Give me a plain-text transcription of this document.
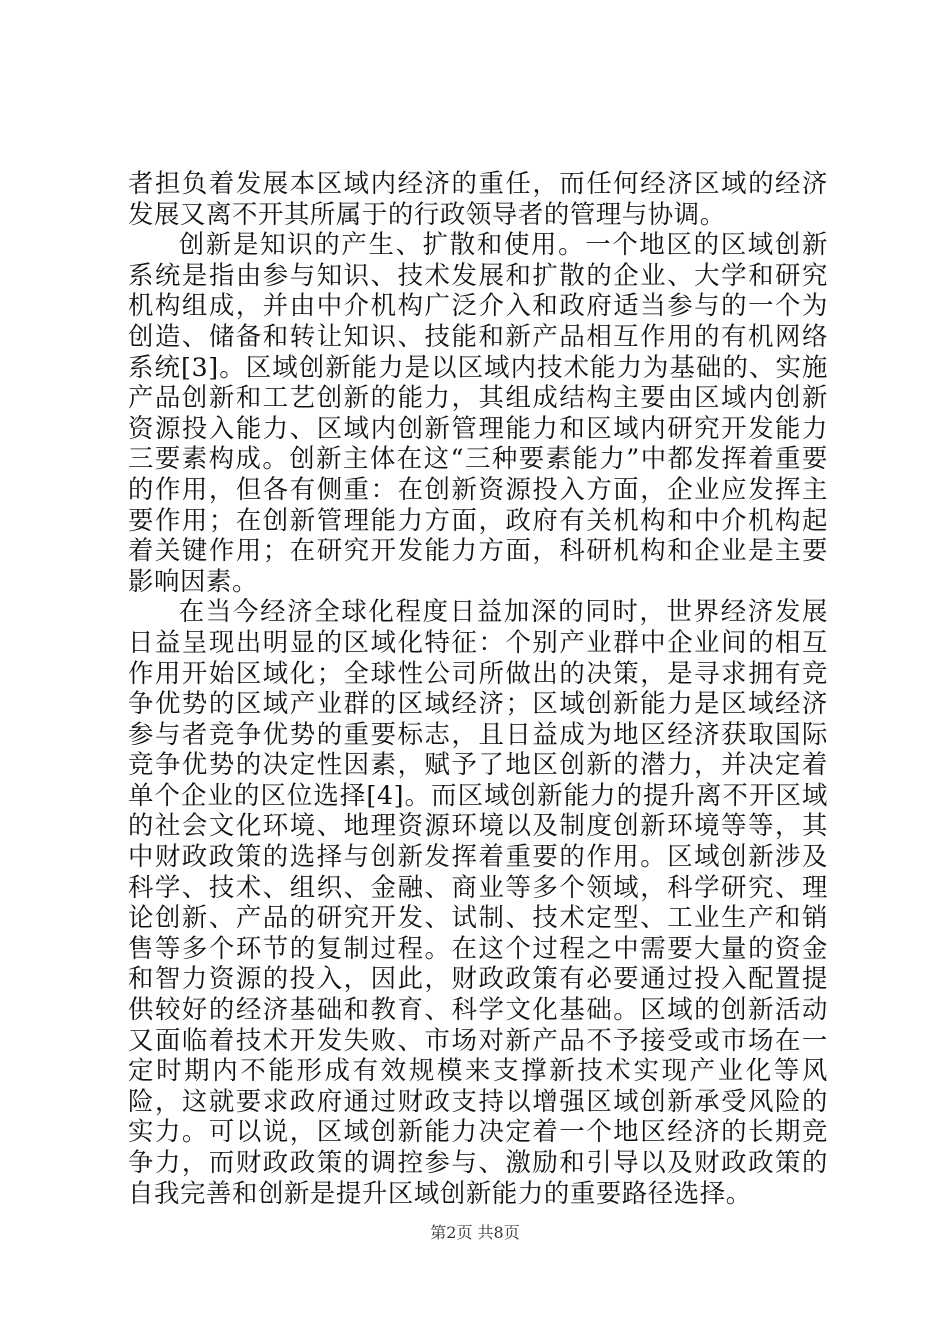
者担负着发展本区域内经济的重任，而任何经济区域的经济发展又离不开其所属于的行政领导者的管理与协调。

创新是知识的产生、扩散和使用。一个地区的区域创新系统是指由参与知识、技术发展和扩散的企业、大学和研究机构组成，并由中介机构广泛介入和政府适当参与的一个为创造、储备和转让知识、技能和新产品相互作用的有机网络系统[3]。区域创新能力是以区域内技术能力为基础的、实施产品创新和工艺创新的能力，其组成结构主要由区域内创新资源投入能力、区域内创新管理能力和区域内研究开发能力三要素构成。创新主体在这“三种要素能力”中都发挥着重要的作用，但各有侧重：在创新资源投入方面，企业应发挥主要作用；在创新管理能力方面，政府有关机构和中介机构起着关键作用；在研究开发能力方面，科研机构和企业是主要影响因素。

在当今经济全球化程度日益加深的同时，世界经济发展日益呈现出明显的区域化特征：个别产业群中企业间的相互作用开始区域化；全球性公司所做出的决策，是寻求拥有竞争优势的区域产业群的区域经济；区域创新能力是区域经济参与者竞争优势的重要标志，且日益成为地区经济获取国际竞争优势的决定性因素，赋予了地区创新的潜力，并决定着单个企业的区位选择[4]。而区域创新能力的提升离不开区域的社会文化环境、地理资源环境以及制度创新环境等等，其中财政政策的选择与创新发挥着重要的作用。区域创新涉及科学、技术、组织、金融、商业等多个领域，科学研究、理论创新、产品的研究开发、试制、技术定型、工业生产和销售等多个环节的复制过程。在这个过程之中需要大量的资金和智力资源的投入，因此，财政政策有必要通过投入配置提供较好的经济基础和教育、科学文化基础。区域的创新活动又面临着技术开发失败、市场对新产品不予接受或市场在一定时期内不能形成有效规模来支撑新技术实现产业化等风险，这就要求政府通过财政支持以增强区域创新承受风险的实力。可以说，区域创新能力决定着一个地区经济的长期竞争力，而财政政策的调控参与、激励和引导以及财政政策的自我完善和创新是提升区域创新能力的重要路径选择。

第2页 共8页
